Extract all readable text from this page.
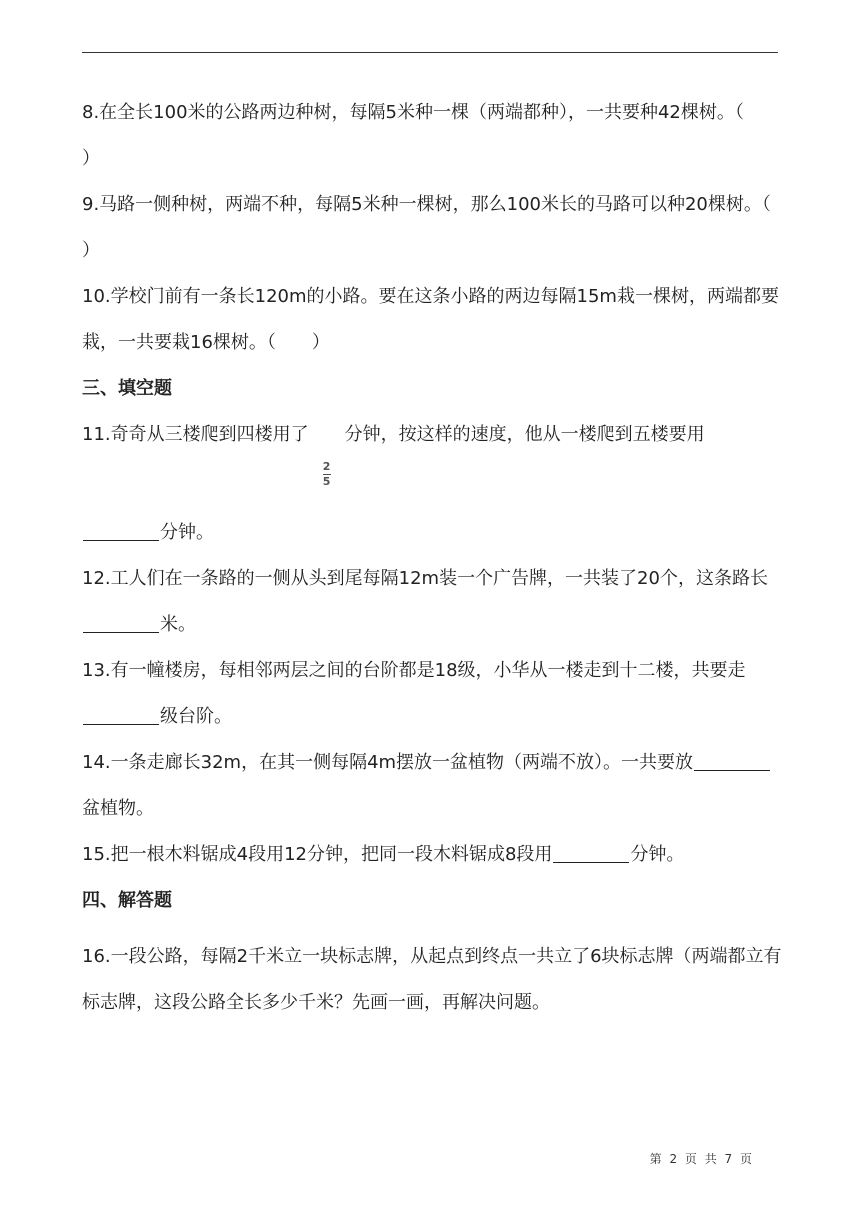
8.在全长100米的公路两边种树，每隔5米种一棵（两端都种），一共要种42棵树。（　　）

9.马路一侧种树，两端不种，每隔5米种一棵树，那么100米长的马路可以种20棵树。（　　）

10.学校门前有一条长120m的小路。要在这条小路的两边每隔15m栽一棵树，两端都要栽，一共要栽16棵树。（　　）

三、填空题

11.奇奇从三楼爬到四楼用了
$\frac{2}{5}$
分钟，按这样的速度，他从一楼爬到五楼要用

分钟。

12.工人们在一条路的一侧从头到尾每隔12m装一个广告牌，一共装了20个，这条路长米。

13.有一幢楼房，每相邻两层之间的台阶都是18级，小华从一楼走到十二楼，共要走级台阶。

14.一条走廊长32m，在其一侧每隔4m摆放一盆植物（两端不放）。一共要放盆植物。

15.把一根木料锯成4段用12分钟，把同一段木料锯成8段用	分钟。

四、解答题

16.一段公路，每隔2千米立一块标志牌，从起点到终点一共立了6块标志牌（两端都立有标志牌，这段公路全长多少千米？先画一画，再解决问题。

第 2 页 共 7 页
